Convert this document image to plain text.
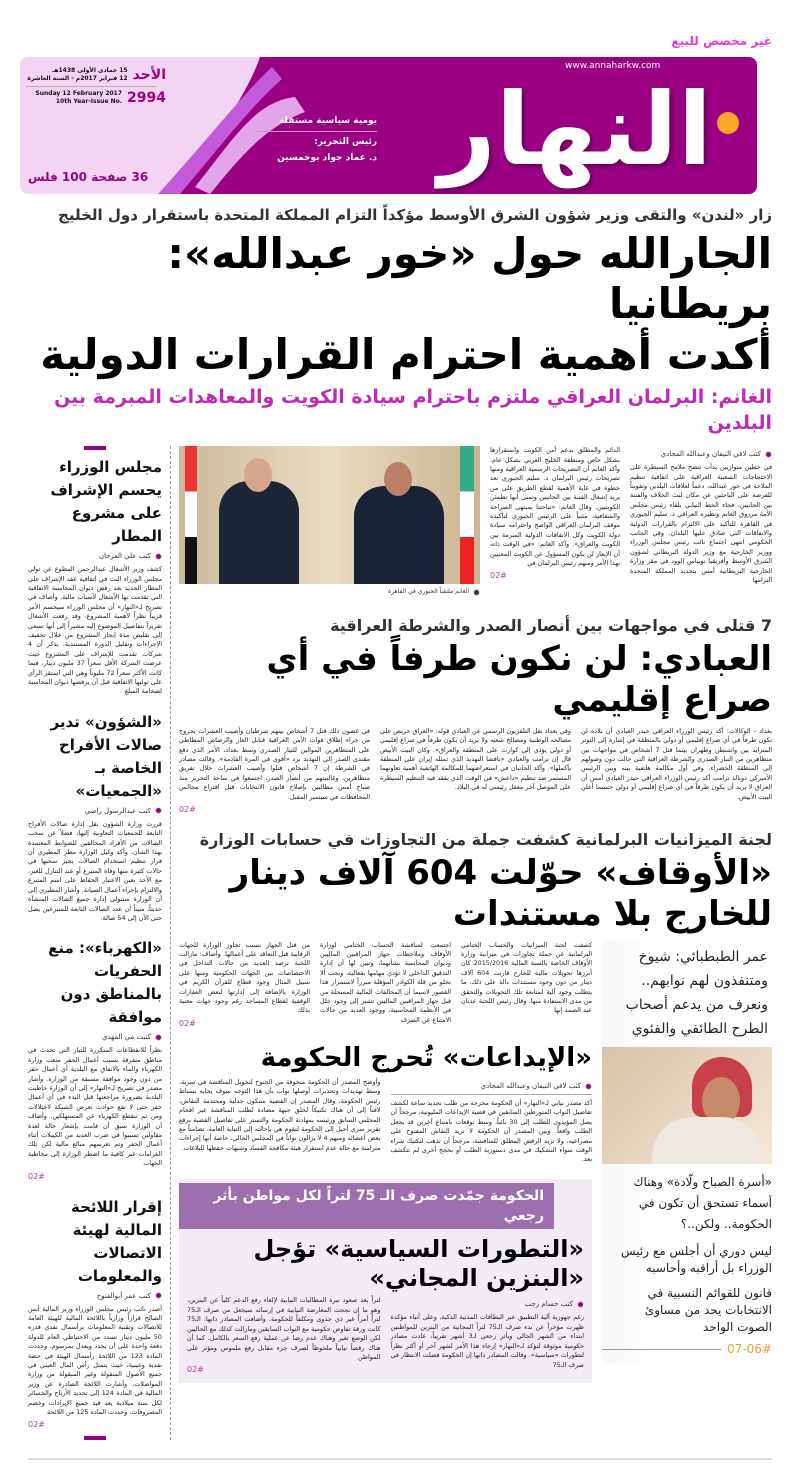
غير مخصص للبيع
www.annaharkw.com
النهار
يومية سياسية مستقلة
رئيس التحرير:
د. عماد جواد بوخمسين
الأحد
15 جمادى الأولى 1438هـ
12 فبراير 2017م - السنة العاشرة
2994
Sunday 12 February 2017
10th Year-Issue No.
36 صفحة 100 فلس
زار «لندن» والتقى وزير شؤون الشرق الأوسط مؤكداً التزام المملكة المتحدة باستقرار دول الخليج
الجارالله حول «خور عبدالله»: بريطانيا
أكدت أهمية احترام القرارات الدولية
الغانم: البرلمان العراقي ملتزم باحترام سيادة الكويت والمعاهدات المبرمة بين البلدين
كتب لافي النيفان وعبدالله المجادي
في خطين متوازيين بدأت تتضح ملامح السيطرة على الاحتجاجات الشعبية العراقية على اتفاقية تنظيم الملاحة في خور عبدالله، دعماً لعلاقات البلدين وتفويتاً للفرصة على الباحثين عن مكان لبث الخلاف والفتنة بين الجانبين، فجاء الخط النيابي بلقاء رئيس مجلس الأمة مرزوق الغانم ونظيره العراقي د. سليم الجبوري في القاهرة للتأكيد على الالتزام بالقرارات الدولية والاتفاقات التي صادق عليها البلدان. وفي الجانب الحكومي انتهى اجتماع نائب رئيس مجلس الوزراء ووزير الخارجية مع وزير الدولة البريطاني لشؤون الشرق الأوسط وأفريقيا توبياس إلوود في مقر وزارة الخارجية البريطانية أمس بتجديد المملكة المتحدة التزامها
الدائم والمطلق بدعم أمن الكويت واستقرارها بشكل خاص ومنطقة الخليج العربي بشكل عام. وأكد الغانم أن التصريحات الرسمية العراقية ومنها تصريحات رئيس البرلمان د. سليم الجبوري تعد خطوة في غاية الأهمية لقطع الطريق على من يريد إشعال الفتنة بين الجانبين وتمنى أنها تطمئن الكويتيين. وقال الغانم: «تباحثنا بمنتهى الصراحة والشفافية، مثنياً على الرئيس الجبوري لتأكيده موقف البرلمان العراقي الواضح واحترامه سيادة دولة الكويت وكل الاتفاقات الدولية المبرمة بين الكويت والعراق». وأكد الغانم: «في الوقت ذاته أن الإيعاز لن يكون المسؤول عن الكويت المعنيين بهذا الأمر ومنهم رئيس البرلمان في
02#
الغانم ملتقياً الجبوري في القاهرة
7 قتلى في مواجهات بين أنصار الصدر والشرطة العراقية
العبادي: لن نكون طرفاً في أي صراع إقليمي
بغداد - الوكالات: أكد رئيس الوزراء العراقي حيدر العبادي أن بلاده لن تكون طرفاً في أي صراع إقليمي أو دولي بالمنطقة في إشارة إلى التوتر المتزايد بين واشنطن وطهران بينما قتل 7 أشخاص في مواجهات بين متظاهرين من التيار الصدري والشرطة العراقية التي حالت دون وصولهم إلى المنطقة الخضراء. وفي أول مكالمة هاتفية بينه وبين الرئيس الأميركي دونالد ترامب أكد رئيس الوزراء العراقي حيدر العبادي أمس أن العراق لا يريد أن يكون طرفاً في أي صراع إقليمي أو دولي حسبما أعلن البيت الأبيض.
وفي بغداد نقل التلفزيون الرسمي عن العبادي قوله: «العراق حريص على مصالحه الوطنية ومصالح شعبه ولا يريد أن يكون طرفاً في صراع إقليمي أو دولي يؤدي إلى كوارث على المنطقة والعراق». وكان البيت الأبيض قال إن ترامب والعبادي «ناقشا التهديد الذي تمثله إيران على المنطقة بأكملها». وأكد الجانبان في استعراضهما للمكالمة الهاتفية أهمية تعاونهما المستمر ضد تنظيم «داعش» في الوقت الذي يفقد فيه التنظيم السيطرة على الموصل آخر معقل رئيسي له في البلاد.
في غضون ذلك قتل 7 أشخاص بينهم شرطيان وأصيب العشرات بجروح من جراء إطلاق قوات الأمن العراقية قنابل الغاز والرصاص المطاطي على المتظاهرين الموالين للتيار الصدري وسط بغداد، الأمر الذي دفع مقتدى الصدر إلى التهديد برد «أقوى في المرة القادمة». وقالت مصادر في الشرطة إن 7 أشخاص قتلوا وأصيب العشرات خلال تفريق متظاهرين، وغالبيتهم من أنصار الصدر، اجتمعوا في ساحة التحرير منذ صباح أمس مطالبين بإصلاح قانون الانتخابات قبل اقتراع مجالس المحافظات في سبتمبر المقبل.
02#
لجنة الميزانيات البرلمانية كشفت جملة من التجاوزات في حسابات الوزارة
«الأوقاف» حوّلت 604 آلاف دينار للخارج بلا مستندات
عمر الطبطبائي: شيوخ ومتنفذون لهم نوابهم.. ونعرف من يدعم أصحاب الطرح الطائفي والفئوي
«أسرة الصباح ولّادة» وهناك أسماء تستحق أن تكون في الحكومة.. ولكن..؟
ليس دوري أن أجلس مع رئيس الوزراء بل أراقبه وأحاسبه
قانون للقوائم النسبية في الانتخابات يحد من مساوئ الصوت الواحد
07-06#
كشفت لجنة الميزانيات والحساب الختامي البرلمانية عن جملة تجاوزات في ميزانية وزارة الأوقاف الخاصة بالسنة المالية 2015/2016 كان أبرزها تحويلات مالية للخارج قاربت 604 آلاف دينار من دون وجود مستندات دالة على ذلك، ما يتطلب وجود آلية لمتابعة تلك التحويلات والتحقق من مدى الاستفادة منها. وقال رئيس اللجنة عدنان عبد الصمد إنها
اجتمعت لمناقشة الحساب الختامي لوزارة الأوقاف وملاحظات جهاز المراقبين الماليين وديوان المحاسبة بشأنهما، وتبين لها أن إدارة التدقيق الداخلي لا تؤدي مهامها بفعالية، ويجب ألا تخلو من قلة الكوادر المؤهلة مبرراً لاستمرار هذا القصور لاسيما أن المخالفات المالية المسجلة من قبل جهاز المراقبين الماليين تشير إلى وجود خلل في الأنظمة المحاسبية، ووجود العديد من حالات الامتناع عن الصرف
من قبل الجهاز بسبب تجاوز الوزارة للجهات الرقابية قبل التعاقد على أعمالها. وأضاف: مازالت اللجنة ترصد العديد من حالات التداخل في الاختصاصات بين الجهات الحكومية ومنها على سبيل المثال وجود قطاع للقرآن الكريم في الوزارة بالإضافة إلى إدارتها لبعض العقارات الوقفية لقطاع المساجد رغم وجود جهات معنية بذلك
02#
«الإيداعات» تُحرج الحكومة
كتب لافي النيفان وعبدالله المجادي
أكد مصدر نيابي لـ«النهار» أن الحكومة محرجة من طلب تحديد ساعة لكشف تفاصيل النواب المتورطين السابقين في قضية الإيداعات المليونية، مرجحاً أن يصل المؤيدون للطلب إلى 30 نائباً، وسط توقعات بامتناع آخرين قد يجعل الطلب واقعاً. وبين المصدر أن الحكومة لا تريد النقاش المفتوح على مصراعيه، ولا تريد الرفض المطلق للمناقشة، مرجحاً أن تذهب لتكتيك شراء الوقت سواء التشكيك في مدى دستورية الطلب أو بحجج أخرى لم تتكشف بعد.
وأوضح المصدر أن الحكومة متخوفة من الجنوح لتحويل المناقشة في سرية، وسط تهديدات وتحذيرات أوصلها نواب بأن هذا التوجه سوف يجابه بسباط رئيس الحكومة، وقال المصدر إن القضية ستكون جدلية ومحتدمة النقاش، لافتاً إلى أن هناك تكتيكاً لخلق جبهة مضادة لطلب المناقشة عبر اقحام المجلس السابق ورئيسه بمهادنة الحكومة والتستر على تفاصيل القضية برفع تقرير سري أحيل إلى الحكومة لتقوم هي بإحالته إلى النيابة العامة، تضامناً مع بعض أعضائه ومنهم 4 لا يزالون نواباً في المجلس الحالي، خاصة أنها إجراءات متزامنة مع حالة عدم استقرار هيئة مكافحة الفساد وشبهات حفظها للبلاغات.
الحكومة جمّدت صرف الـ 75 لتراً لكل مواطن بأثر رجعي
«التطورات السياسية» تؤجل «البنزين المجاني»
كتب حسام رجب
رغم جهوزية آلية التطبيق عبر البطاقات المدنية الذكية، وعلى أنباء مؤكدة ظهرت مؤخراً عن بدء صرف الـ75 لتراً المجانية من البنزين للمواطنين ابتداء من الشهر الحالي وبأثر رجعي لـ3 أشهر تقريباً، عادت مصادر حكومية موثوقة لتؤكد لـ«النهار» إرجاء هذا الأمر لشهر آخر أو أكثر نظراً لتطورات «سياسية». وقالت المصادر ذاتها إن الحكومة فضلت الانتظار في صرف الـ75
لتراً بعد صعود نبرة المطالبات النيابية لإلغاء رفع الدعم كلياً عن البنزين، وهو ما إن نجحت المعارضة النيابية في إرسائه سيجعل من صرف الـ75 لتراً أمراً غير ذي جدوى ومكلفاً للحكومة. وأضافت المصادر ذاتها: الـ75 كانت ورقة تفاوض حكومية مع النواب السابقين ومازالت كذلك مع الحاليين لكن الوضع تغير وهناك عدم رضا عن عملية رفع السعر بالكامل، كما أن هناك رفضاً نيابياً ملحوظاً لصرف جزء مقابل رفع ملموس ومؤثر على المواطن
02#
مجلس الوزراء يحسم الإشراف على مشروع المطار
كتب علي الفرحان
كشف وزير الأشغال عبدالرحمن المطوع عن تولي مجلس الوزراء البت في اتفاقية عقد الإشراف على المطار الجديد بعد رفض ديوان المحاسبة الاتفاقية التي تقدمت بها الأشغال لأسباب مالية. وأضاف في تصريح لـ«النهار» أن مجلس الوزراء سيحسم الأمر قريباً نظراً لأهمية المشروع، وقد رفعت الأشغال تقريراً بتفاصيل الموضوع إليه مشيراً إلى أنها تسعى إلى تقليص مدة إنجاز المشروع من خلال تخفيف الإجراءات وتقليل الدورة المستندية. يذكر أن 4 شركات تقدمت للإشراف على المشروع حيث عرضت الشركة الأقل سعراً 37 مليون دينار، فيما كانت الأكثر سعراً 72 مليوناً وهي التي استقر الرأي على توليها الاتفاقية قبل أن يرفضها ديوان المحاسبة لضخامة المبلغ
«الشؤون» تدير صالات الأفراح الخاصة بـ «الجمعيات»
كتب عبدالرسول راضي
قررت وزارة الشؤون نقل إدارة صالات الأفراح التابعة للجمعيات التعاونية إليها، فضلاً عن سحب الصالات من الأفراد المخالفين للضوابط المعتمدة بهذا الشأن. وأكد وكيل الوزارة مطر المطيري أن قرار تنظيم استخدام الصالات يجيز سحبها في حالات كثيرة منها وفاة المتبرع أو عند التنازل للغير، مع الأخذ بعين الاعتبار الحفاظ على اسم المتبرع والالتزام بإجراء أعمال الصيانة. وأشار المطيري إلى أن الوزارة ستتولى إدارة جميع الصالات المنشأة حديثاً، مبيناً أن عدد الصالات التابعة للمتبرعين يصل حتى الآن إلى 54 صالة.
«الكهرباء»: منع الحفريات بالمناطق دون موافقة
كتبت مي المهدي
نظراً للانقطاعات المتكررة للتيار التي تحدث في مناطق متفرقة بسبب أعمال الحفر منعت وزارة الكهرباء والماء بالاتفاق مع البلدية أي أعمال حفر من دون وجود موافقة مسبقة من الوزارة. وأشار مصدر في تصريح لـ«النهار» إلى أن الوزارة خاطبت البلدية بضرورة مراجعتها قبل البدء في أي أعمال حفر حتى لا تقع حوادث تعرض الشبكة لاختلالات ومن ثم تنقطع الكهرباء عن المستهلكين. وأضاف أن الوزارة سبق أن قامت بإشعار حالة لعدة مقاولين تسببوا في ضرب العديد من الكيبلات أثناء أعمال الحفر وتم تغريمهم مبالغ مالية لكن تلك الغرامات غير كافية ما اضطر الوزارة إلى مخاطبة الجهات
02#
إقرار اللائحة المالية لهيئة الاتصالات والمعلومات
كتب عمر أبوالفتوح
أصدر نائب رئيس مجلس الوزراء وزير المالية أنس الصالح قراراً وزارياً باللائحة المالية للهيئة العامة للاتصالات وتقنية المعلومات برأسمال نقدي قدره 50 مليون دينار تسدد من الاحتياطي العام للدولة دفعة واحدة على أن يجدد ويعدل بمرسوم، وحددت المادة 123 من اللائحة رأسمال الهيئة في حصة نقدية وعينية، حيث يتمثل رأس المال العيني في جميع الأصول المنقولة وغير المنقولة من وزارة المواصلات. وأشارت اللائحة الصادرة عن وزير المالية في المادة 124 إلى تحديد الأرباح والخسائر لكل سنة ميلادية بعد قيد جميع الإيرادات وخصم المصروفات، وحددت المادة 125 من اللائحة
02#
